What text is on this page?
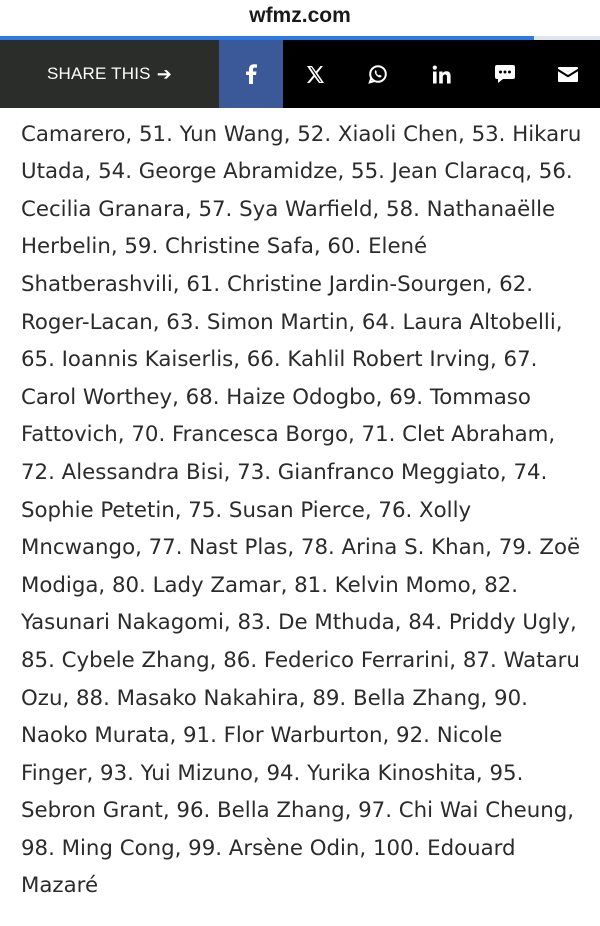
wfmz.com
SHARE THIS ➔

Camarero, 51. Yun Wang, 52. Xiaoli Chen, 53. Hikaru
Utada, 54. George Abramidze, 55. Jean Claracq, 56.
Cecilia Granara, 57. Sya Warfield, 58. Nathanaëlle
Herbelin, 59. Christine Safa, 60. Elené
Shatberashvili, 61. Christine Jardin-Sourgen, 62.
Roger-Lacan, 63. Simon Martin, 64. Laura Altobelli,
65. Ioannis Kaiserlis, 66. Kahlil Robert Irving, 67.
Carol Worthey, 68. Haize Odogbo, 69. Tommaso
Fattovich, 70. Francesca Borgo, 71. Clet Abraham,
72. Alessandra Bisi, 73. Gianfranco Meggiato, 74.
Sophie Petetin, 75. Susan Pierce, 76. Xolly
Mncwango, 77. Nast Plas, 78. Arina S. Khan, 79. Zoë
Modiga, 80. Lady Zamar, 81. Kelvin Momo, 82.
Yasunari Nakagomi, 83. De Mthuda, 84. Priddy Ugly,
85. Cybele Zhang, 86. Federico Ferrarini, 87. Wataru
Ozu, 88. Masako Nakahira, 89. Bella Zhang, 90.
Naoko Murata, 91. Flor Warburton, 92. Nicole
Finger, 93. Yui Mizuno, 94. Yurika Kinoshita, 95.
Sebron Grant, 96. Bella Zhang, 97. Chi Wai Cheung,
98. Ming Cong, 99. Arsène Odin, 100. Edouard
Mazaré
